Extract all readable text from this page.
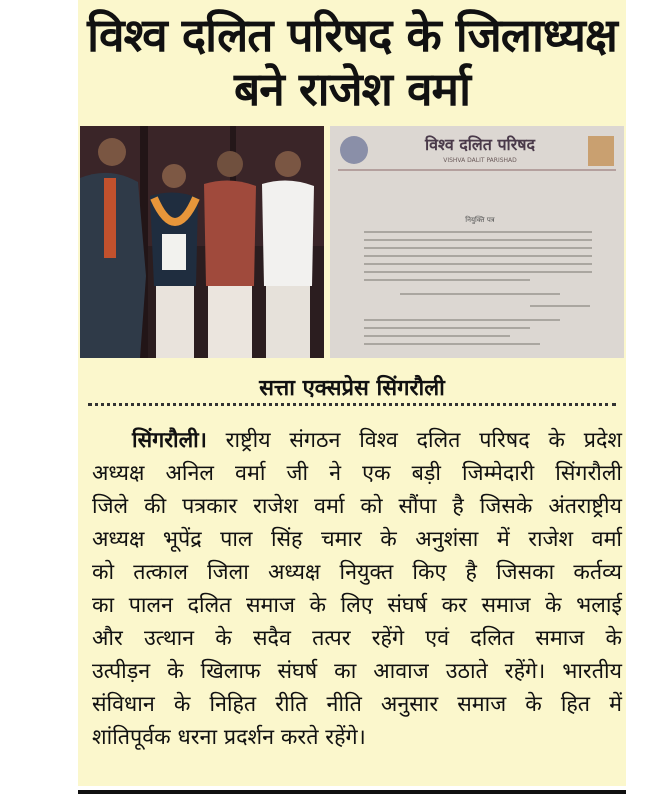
विश्व दलित परिषद के जिलाध्यक्ष
बने राजेश वर्मा
विश्व दलित परिषद
VISHVA DALIT PARISHAD
नियुक्ति पत्र
सत्ता एक्सप्रेस सिंगरौली
सिंगरौली। राष्ट्रीय संगठन विश्व दलित परिषद के प्रदेश
अध्यक्ष अनिल वर्मा जी ने एक बड़ी जिम्मेदारी सिंगरौली
जिले की पत्रकार राजेश वर्मा को सौंपा है जिसके अंतराष्ट्रीय
अध्यक्ष भूपेंद्र पाल सिंह चमार के अनुशंसा में राजेश वर्मा
को तत्काल जिला अध्यक्ष नियुक्त किए है जिसका कर्तव्य
का पालन दलित समाज के लिए संघर्ष कर समाज के भलाई
और उत्थान के सदैव तत्पर रहेंगे एवं दलित समाज के
उत्पीड़न के खिलाफ संघर्ष का आवाज उठाते रहेंगे। भारतीय
संविधान के निहित रीति नीति अनुसार समाज के हित में
शांतिपूर्वक धरना प्रदर्शन करते रहेंगे।
